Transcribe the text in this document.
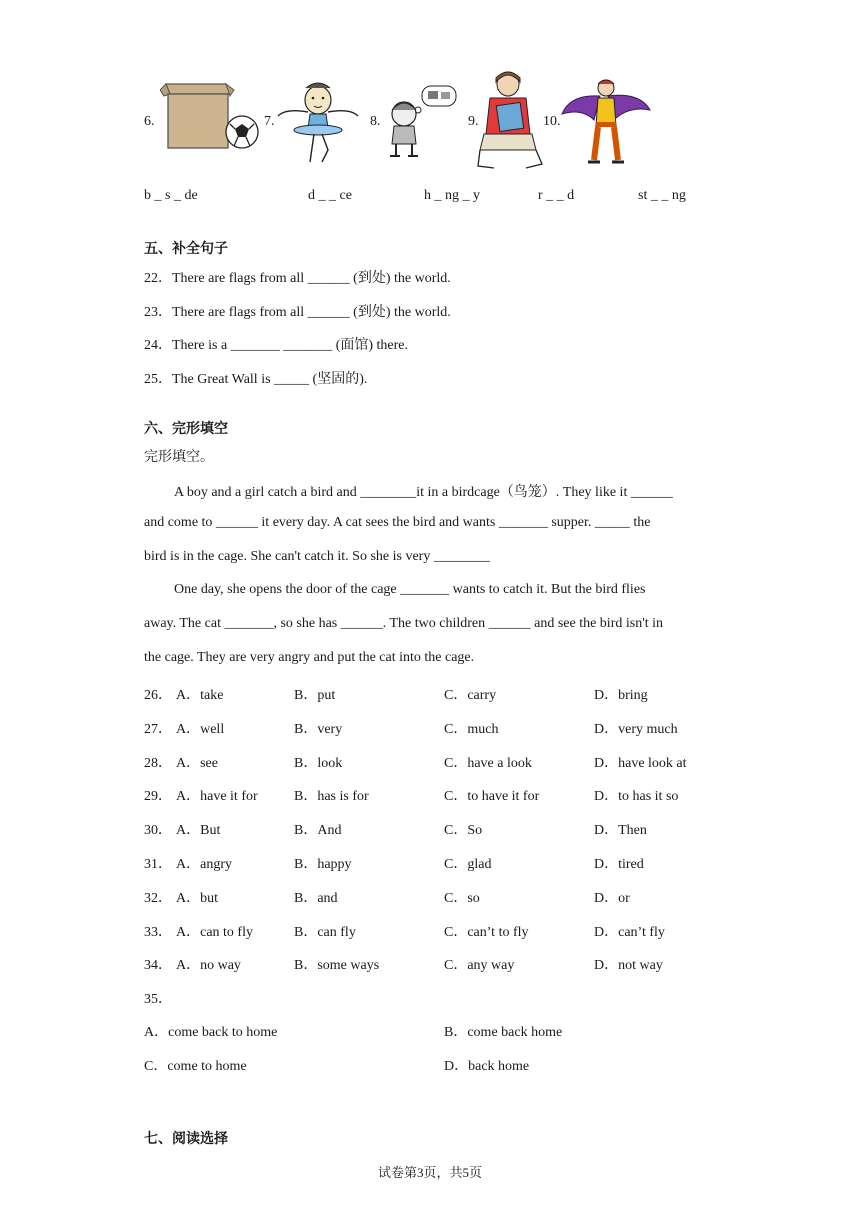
6.	7.	8.	9.	10.
b _ s _ de	d _ _ ce	h _ ng _ y	r _ _ d	st _ _ ng
五、补全句子
22．There are flags from all ______ (到处) the world.
23．There are flags from all ______ (到处) the world.
24．There is a _______ _______ (面馆) there.
25．The Great Wall is _____ (坚固的).
六、完形填空
完形填空。
A boy and a girl catch a bird and ________it in a birdcage（鸟笼）. They like it ______
and come to ______ it every day. A cat sees the bird and wants _______ supper. _____ the
bird is in the cage. She can't catch it. So she is very ________
One day, she opens the door of the cage _______ wants to catch it. But the bird flies
away. The cat _______, so she has ______. The two children ______ and see the bird isn't in
the cage. They are very angry and put the cat into the cage.
26． A．take	B．put	C．carry	D．bring
27． A．well	B．very	C．much	D．very much
28． A．see	B．look	C．have a look	D．have look at
29． A．have it for	B．has is for	C．to have it for	D．to has it so
30． A．But	B．And	C．So	D．Then
31． A．angry	B．happy	C．glad	D．tired
32． A．but	B．and	C．so	D．or
33． A．can to fly	B．can fly	C．can’t to fly	D．can’t fly
34． A．no way	B．some ways	C．any way	D．not way
35．
A．come back to home	B．come back home
C．come to home	D．back home
七、阅读选择
试卷第3页，共5页
